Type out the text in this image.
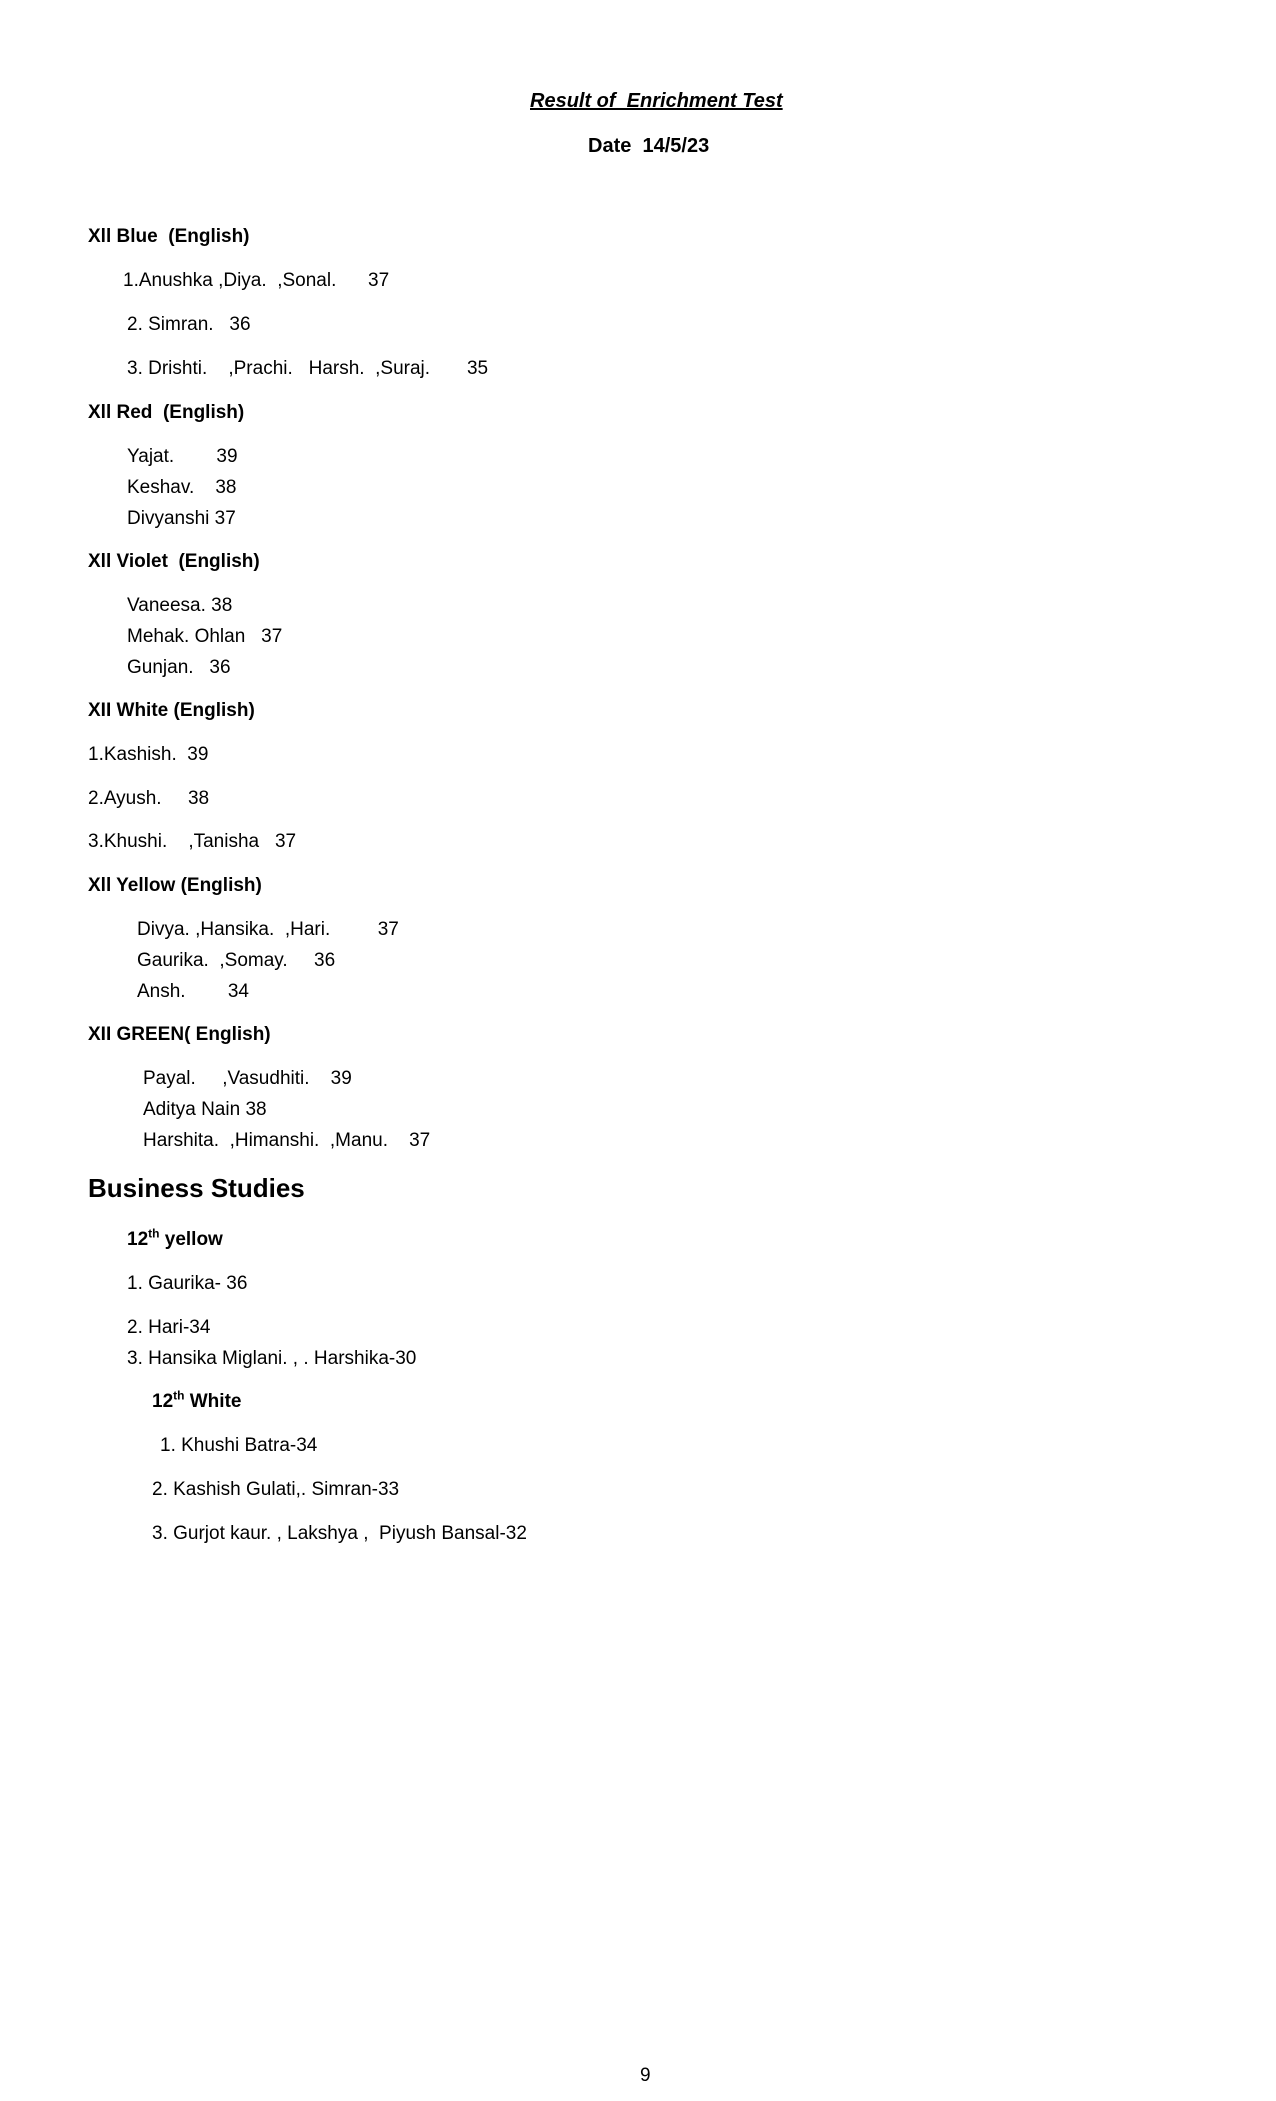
Result of  Enrichment Test
Date  14/5/23
Xll Blue  (English)
1.Anushka ,Diya.  ,Sonal.      37
2. Simran.   36
3. Drishti.    ,Prachi.   Harsh.  ,Suraj.       35
Xll Red  (English)
Yajat.        39
Keshav.    38
Divyanshi 37
Xll Violet  (English)
Vaneesa. 38
Mehak. Ohlan   37
Gunjan.   36
XII White (English)
1.Kashish.  39
2.Ayush.     38
3.Khushi.    ,Tanisha   37
Xll Yellow (English)
Divya. ,Hansika.  ,Hari.         37
Gaurika.  ,Somay.     36
Ansh.        34
XII GREEN( English)
Payal.     ,Vasudhiti.    39
Aditya Nain 38
Harshita.  ,Himanshi.  ,Manu.    37
Business Studies
12th yellow
1. Gaurika- 36
2. Hari-34
3. Hansika Miglani. , . Harshika-30
12th White
1. Khushi Batra-34
2. Kashish Gulati,. Simran-33
3. Gurjot kaur. , Lakshya ,  Piyush Bansal-32
9
